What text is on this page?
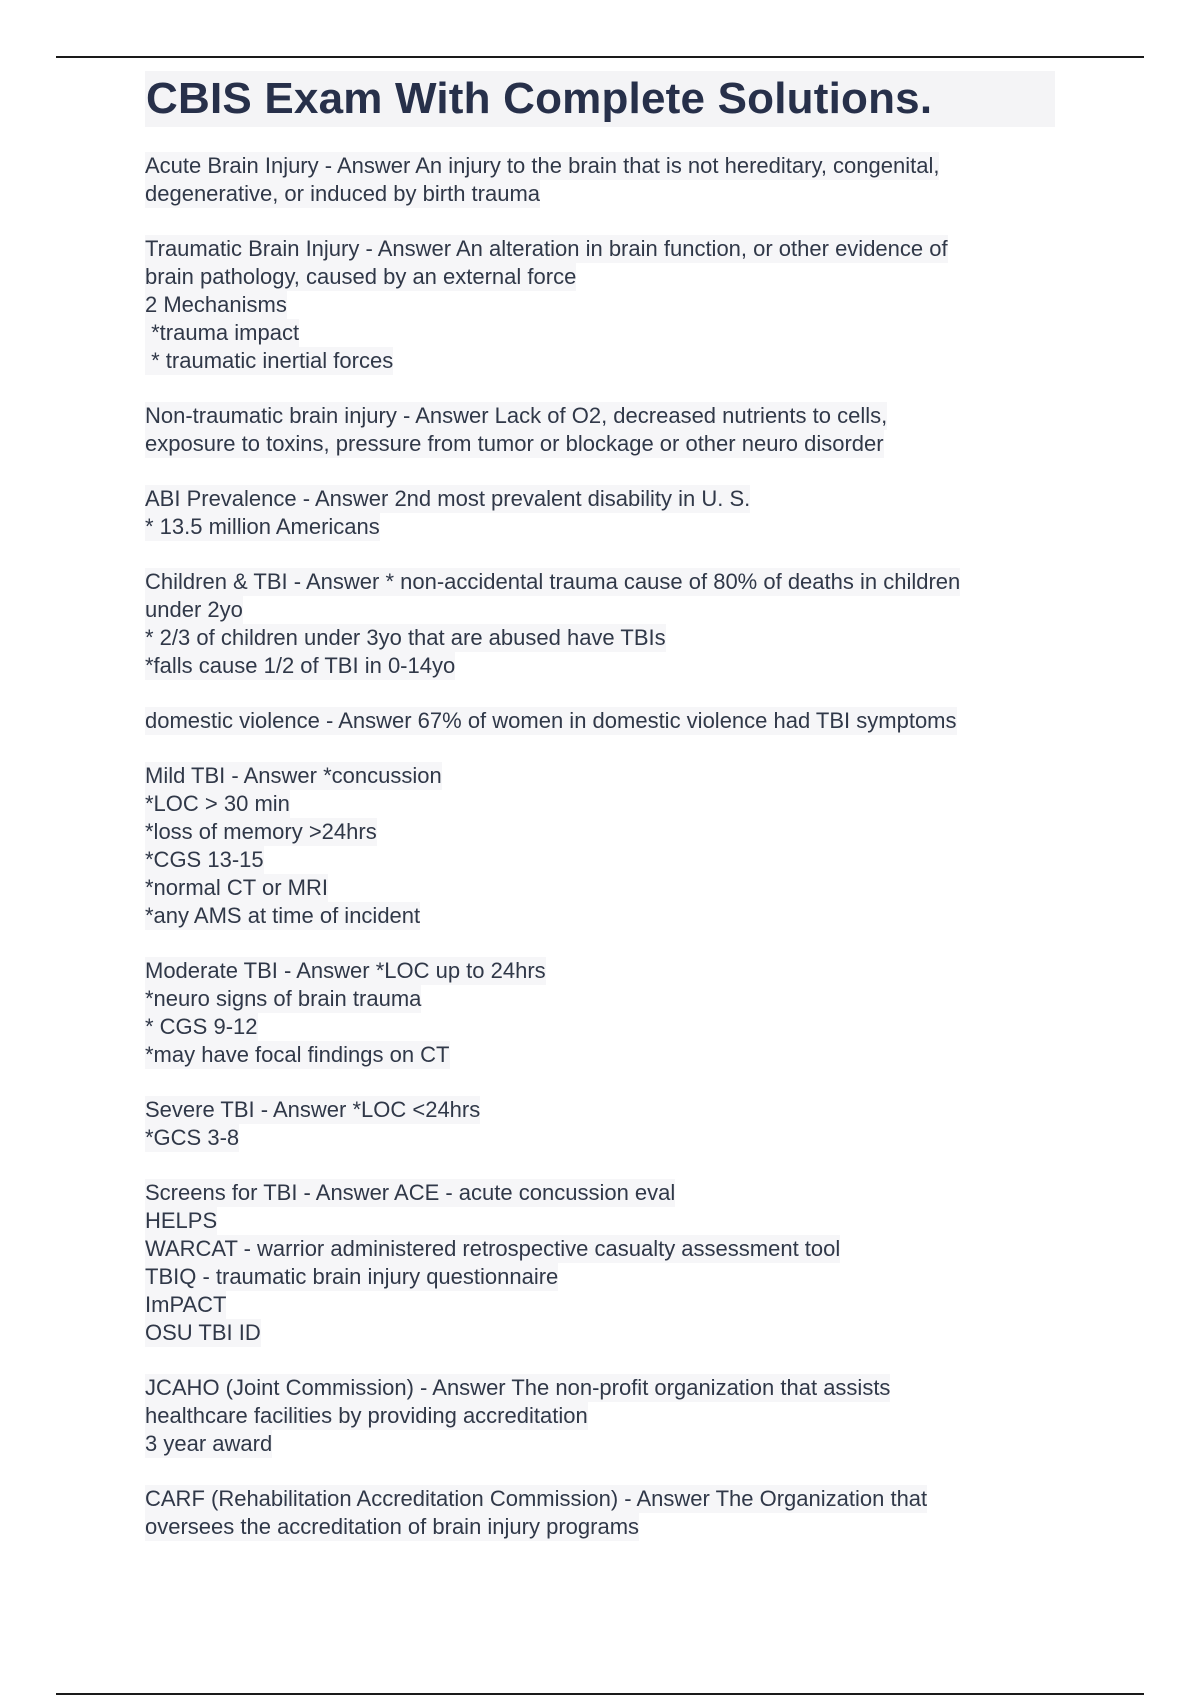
CBIS Exam With Complete Solutions.
Acute Brain Injury - Answer An injury to the brain that is not hereditary, congenital,
degenerative, or induced by birth trauma
Traumatic Brain Injury - Answer An alteration in brain function, or other evidence of
brain pathology, caused by an external force
2 Mechanisms
*trauma impact
* traumatic inertial forces
Non-traumatic brain injury - Answer Lack of O2, decreased nutrients to cells,
exposure to toxins, pressure from tumor or blockage or other neuro disorder
ABI Prevalence - Answer 2nd most prevalent disability in U. S.
* 13.5 million Americans
Children & TBI - Answer * non-accidental trauma cause of 80% of deaths in children
under 2yo
* 2/3 of children under 3yo that are abused have TBIs
*falls cause 1/2 of TBI in 0-14yo
domestic violence - Answer 67% of women in domestic violence had TBI symptoms
Mild TBI - Answer *concussion
*LOC > 30 min
*loss of memory >24hrs
*CGS 13-15
*normal CT or MRI
*any AMS at time of incident
Moderate TBI - Answer *LOC up to 24hrs
*neuro signs of brain trauma
* CGS 9-12
*may have focal findings on CT
Severe TBI - Answer *LOC <24hrs
*GCS 3-8
Screens for TBI - Answer ACE - acute concussion eval
HELPS
WARCAT - warrior administered retrospective casualty assessment tool
TBIQ - traumatic brain injury questionnaire
ImPACT
OSU TBI ID
JCAHO (Joint Commission) - Answer The non-profit organization that assists
healthcare facilities by providing accreditation
3 year award
CARF (Rehabilitation Accreditation Commission) - Answer The Organization that
oversees the accreditation of brain injury programs
